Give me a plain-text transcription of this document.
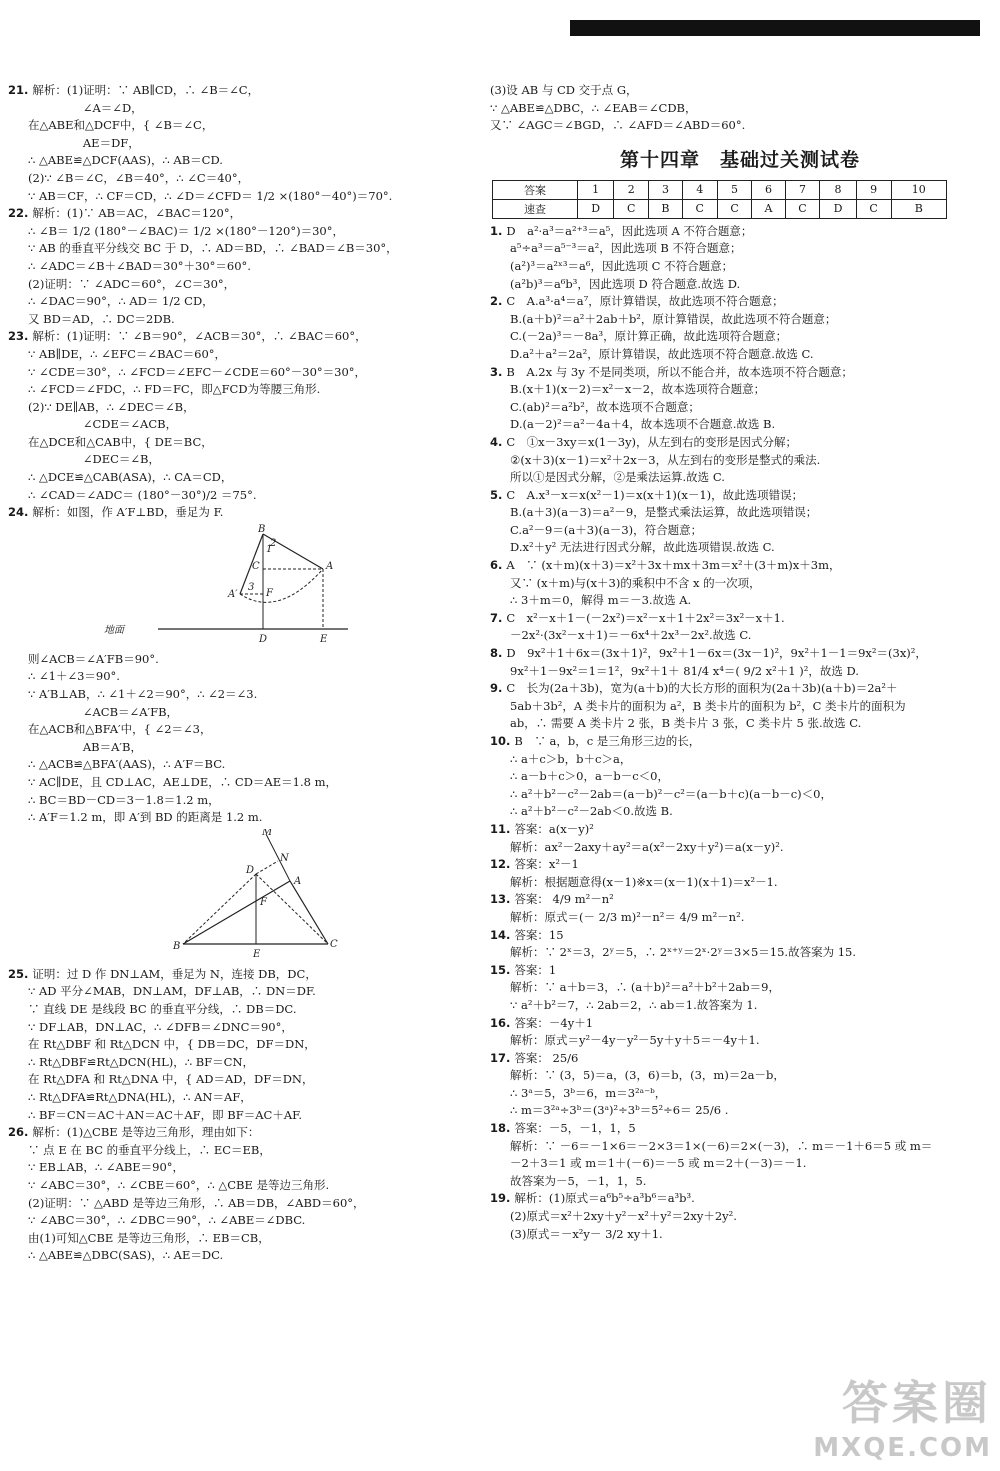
21. 解析：(1)证明：∵ AB∥CD，∴ ∠B＝∠C，
∠A＝∠D，
在△ABE和△DCF中，{ ∠B＝∠C，
AE＝DF，
∴ △ABE≌△DCF(AAS)，∴ AB＝CD.
(2)∵ ∠B＝∠C，∠B＝40°，∴ ∠C＝40°，
∵ AB＝CF，∴ CF＝CD，∴ ∠D＝∠CFD＝ 1/2 ×(180°－40°)＝70°.
22. 解析：(1)∵ AB＝AC，∠BAC＝120°，
∴ ∠B＝ 1/2 (180°－∠BAC)＝ 1/2 ×(180°－120°)＝30°，
∵ AB 的垂直平分线交 BC 于 D，∴ AD＝BD，∴ ∠BAD＝∠B＝30°，
∴ ∠ADC＝∠B＋∠BAD＝30°＋30°＝60°.
(2)证明：∵ ∠ADC＝60°，∠C＝30°，
∴ ∠DAC＝90°，∴ AD＝ 1/2 CD，
又 BD＝AD，∴ DC＝2DB.
23. 解析：(1)证明：∵ ∠B＝90°，∠ACB＝30°，∴ ∠BAC＝60°，
∵ AB∥DE，∴ ∠EFC＝∠BAC＝60°，
∵ ∠CDE＝30°，∴ ∠FCD＝∠EFC－∠CDE＝60°－30°＝30°，
∴ ∠FCD＝∠FDC，∴ FD＝FC，即△FCD为等腰三角形.
(2)∵ DE∥AB，∴ ∠DEC＝∠B，
∠CDE＝∠ACB，
在△DCE和△CAB中，{ DE＝BC，
∠DEC＝∠B，
∴ △DCE≌△CAB(ASA)，∴ CA＝CD，
∴ ∠CAD＝∠ADC＝ (180°－30°)/2 ＝75°.
24. 解析：如图，作 A′F⊥BD，垂足为 F.
地面
B
C	A
A′	F
D	E
1
2
3
则∠ACB＝∠A′FB＝90°.
∴ ∠1＋∠3＝90°.
∵ A′B⊥AB，∴ ∠1＋∠2＝90°，∴ ∠2＝∠3.
∠ACB＝∠A′FB，
在△ACB和△BFA′中，{ ∠2＝∠3，
AB＝A′B，
∴ △ACB≌△BFA′(AAS)，∴ A′F＝BC.
∵ AC∥DE，且 CD⊥AC，AE⊥DE，∴ CD＝AE＝1.8 m，
∴ BC＝BD－CD＝3－1.8＝1.2 m，
∴ A′F＝1.2 m，即 A′到 BD 的距离是 1.2 m.
M
D
N
A
F
B
E
C
25. 证明：过 D 作 DN⊥AM，垂足为 N，连接 DB，DC，
∵ AD 平分∠MAB，DN⊥AM，DF⊥AB，∴ DN＝DF.
∵ 直线 DE 是线段 BC 的垂直平分线，∴ DB＝DC.
∵ DF⊥AB，DN⊥AC，∴ ∠DFB＝∠DNC＝90°，
在 Rt△DBF 和 Rt△DCN 中，{ DB＝DC，DF＝DN，
∴ Rt△DBF≌Rt△DCN(HL)，∴ BF＝CN，
在 Rt△DFA 和 Rt△DNA 中，{ AD＝AD，DF＝DN，
∴ Rt△DFA≌Rt△DNA(HL)，∴ AN＝AF，
∴ BF＝CN＝AC＋AN＝AC＋AF，即 BF＝AC＋AF.
26. 解析：(1)△CBE 是等边三角形，理由如下：
∵ 点 E 在 BC 的垂直平分线上，∴ EC＝EB，
∵ EB⊥AB，∴ ∠ABE＝90°，
∵ ∠ABC＝30°，∴ ∠CBE＝60°，∴ △CBE 是等边三角形.
(2)证明：∵ △ABD 是等边三角形，∴ AB＝DB，∠ABD＝60°，
∵ ∠ABC＝30°，∴ ∠DBC＝90°，∴ ∠ABE＝∠DBC.
由(1)可知△CBE 是等边三角形，∴ EB＝CB，
∴ △ABE≌△DBC(SAS)，∴ AE＝DC.
(3)设 AB 与 CD 交于点 G，
∵ △ABE≌△DBC，∴ ∠EAB＝∠CDB，
又∵ ∠AGC＝∠BGD，∴ ∠AFD＝∠ABD＝60°.
第十四章　基础过关测试卷
答案	1	2	3	4	5	6	7	8	9	10
速查	D	C	B	C	C	A	C	D	C	B
1. D　a²·a³＝a²⁺³＝a⁵，因此选项 A 不符合题意；
a⁵÷a³＝a⁵⁻³＝a²，因此选项 B 不符合题意；
(a²)³＝a²ˣ³＝a⁶，因此选项 C 不符合题意；
(a²b)³＝a⁶b³，因此选项 D 符合题意.故选 D.
2. C　A.a³·a⁴＝a⁷，原计算错误，故此选项不符合题意；
B.(a＋b)²＝a²＋2ab＋b²，原计算错误，故此选项不符合题意；
C.(－2a)³＝－8a³，原计算正确，故此选项符合题意；
D.a²＋a²＝2a²，原计算错误，故此选项不符合题意.故选 C.
3. B　A.2x 与 3y 不是同类项，所以不能合并，故本选项不符合题意；
B.(x＋1)(x－2)＝x²－x－2，故本选项符合题意；
C.(ab)²＝a²b²，故本选项不合题意；
D.(a－2)²＝a²－4a＋4，故本选项不合题意.故选 B.
4. C　①x－3xy＝x(1－3y)，从左到右的变形是因式分解；
②(x＋3)(x－1)＝x²＋2x－3，从左到右的变形是整式的乘法.
所以①是因式分解，②是乘法运算.故选 C.
5. C　A.x³－x＝x(x²－1)＝x(x＋1)(x－1)，故此选项错误；
B.(a＋3)(a－3)＝a²－9，是整式乘法运算，故此选项错误；
C.a²－9＝(a＋3)(a－3)，符合题意；
D.x²＋y² 无法进行因式分解，故此选项错误.故选 C.
6. A　∵ (x＋m)(x＋3)＝x²＋3x＋mx＋3m＝x²＋(3＋m)x＋3m，
又∵ (x＋m)与(x＋3)的乘积中不含 x 的一次项，
∴ 3＋m＝0，解得 m＝－3.故选 A.
7. C　x²－x＋1－(－2x²)＝x²－x＋1＋2x²＝3x²－x＋1.
－2x²·(3x²－x＋1)＝－6x⁴＋2x³－2x².故选 C.
8. D　9x²＋1＋6x＝(3x＋1)²，9x²＋1－6x＝(3x－1)²，9x²＋1－1＝9x²＝(3x)²，
9x²＋1－9x²＝1＝1²，9x²＋1＋ 81/4 x⁴＝( 9/2 x²＋1 )²，故选 D.
9. C　长为(2a＋3b)，宽为(a＋b)的大长方形的面积为(2a＋3b)(a＋b)＝2a²＋
5ab＋3b²，A 类卡片的面积为 a²，B 类卡片的面积为 b²，C 类卡片的面积为
ab，∴ 需要 A 类卡片 2 张，B 类卡片 3 张，C 类卡片 5 张.故选 C.
10. B　∵ a，b，c 是三角形三边的长，
∴ a＋c＞b，b＋c＞a，
∴ a－b＋c＞0，a－b－c＜0，
∴ a²＋b²－c²－2ab＝(a－b)²－c²＝(a－b＋c)(a－b－c)＜0，
∴ a²＋b²－c²－2ab＜0.故选 B.
11. 答案：a(x－y)²
解析：ax²－2axy＋ay²＝a(x²－2xy＋y²)＝a(x－y)².
12. 答案：x²－1
解析：根据题意得(x－1)※x＝(x－1)(x＋1)＝x²－1.
13. 答案： 4/9 m²－n²
解析：原式＝(－ 2/3 m)²－n²＝ 4/9 m²－n².
14. 答案：15
解析：∵ 2ˣ＝3，2ʸ＝5，∴ 2ˣ⁺ʸ＝2ˣ·2ʸ＝3×5＝15.故答案为 15.
15. 答案：1
解析：∵ a＋b＝3，∴ (a＋b)²＝a²＋b²＋2ab＝9，
∵ a²＋b²＝7，∴ 2ab＝2，∴ ab＝1.故答案为 1.
16. 答案：－4y＋1
解析：原式＝y²－4y－y²－5y＋y＋5＝－4y＋1.
17. 答案： 25/6
解析：∵ (3，5)＝a，(3，6)＝b，(3，m)＝2a－b，
∴ 3ᵃ＝5，3ᵇ＝6，m＝3²ᵃ⁻ᵇ，
∴ m＝3²ᵃ÷3ᵇ＝(3ᵃ)²÷3ᵇ＝5²÷6＝ 25/6 .
18. 答案：－5，－1，1，5
解析：∵ －6＝－1×6＝－2×3＝1×(－6)＝2×(－3)，∴ m＝－1＋6＝5 或 m＝
－2＋3＝1 或 m＝1＋(－6)＝－5 或 m＝2＋(－3)＝－1.
故答案为－5，－1，1，5.
19. 解析：(1)原式＝a⁶b⁵÷a³b⁶＝a³b³.
(2)原式＝x²＋2xy＋y²－x²＋y²＝2xy＋2y².
(3)原式＝－x²y－ 3/2 xy＋1.
答案圈
MXQE.COM
